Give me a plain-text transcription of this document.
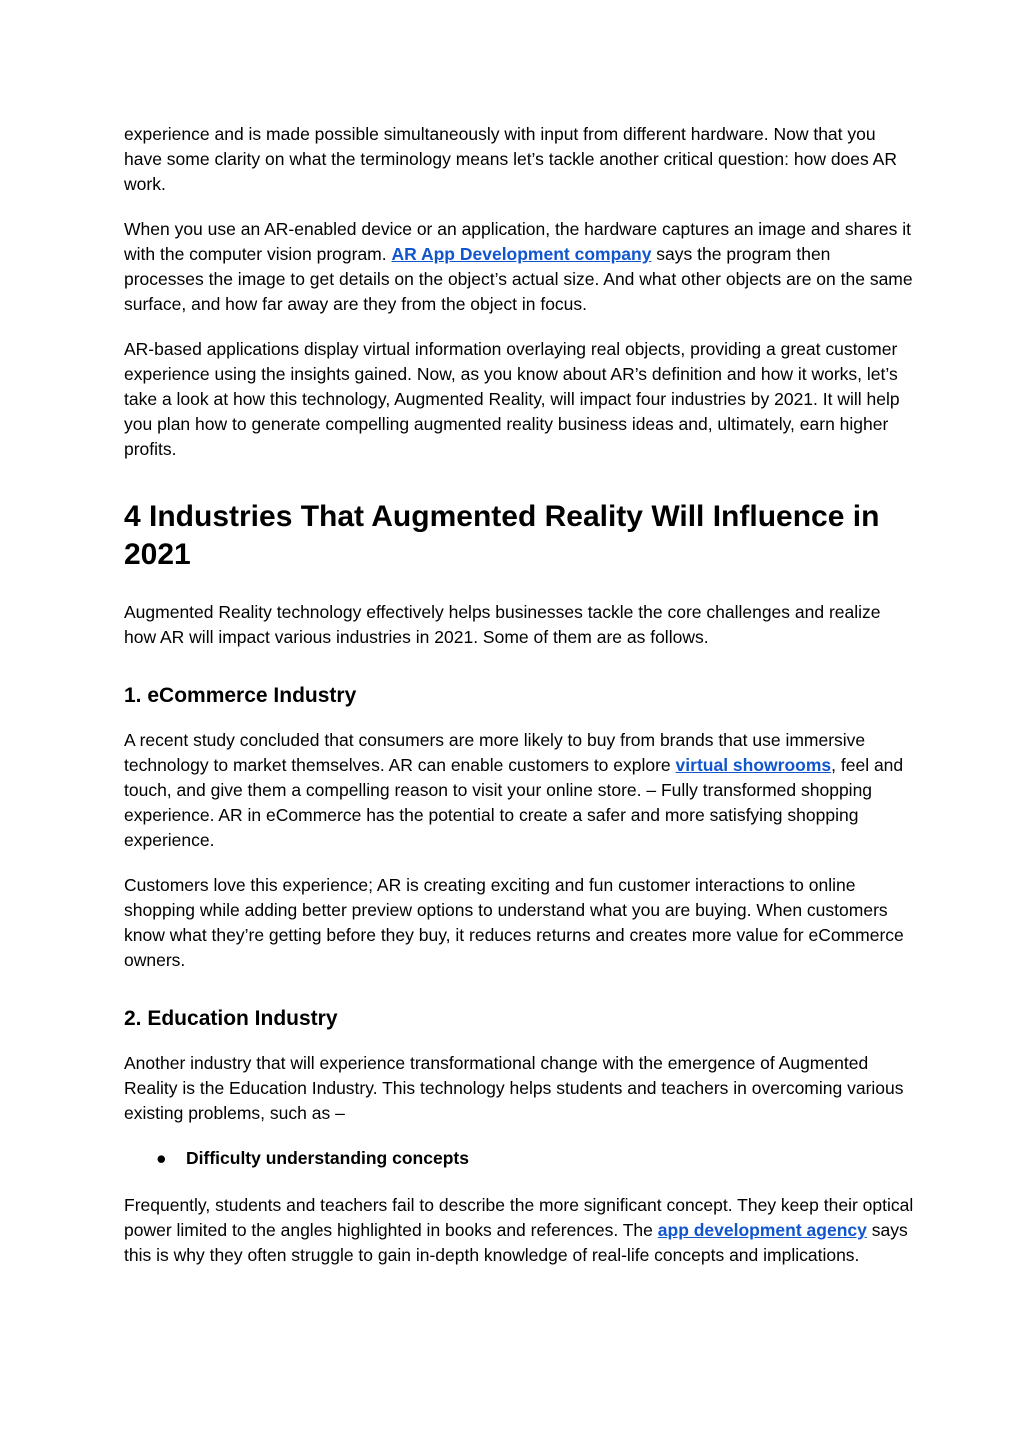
experience and is made possible simultaneously with input from different hardware. Now that you have some clarity on what the terminology means let’s tackle another critical question: how does AR work.

When you use an AR-enabled device or an application, the hardware captures an image and shares it with the computer vision program. AR App Development company says the program then processes the image to get details on the object’s actual size. And what other objects are on the same surface, and how far away are they from the object in focus.

AR-based applications display virtual information overlaying real objects, providing a great customer experience using the insights gained. Now, as you know about AR’s definition and how it works, let’s take a look at how this technology, Augmented Reality, will impact four industries by 2021. It will help you plan how to generate compelling augmented reality business ideas and, ultimately, earn higher profits.

4 Industries That Augmented Reality Will Influence in 2021

Augmented Reality technology effectively helps businesses tackle the core challenges and realize how AR will impact various industries in 2021. Some of them are as follows.

1. eCommerce Industry

A recent study concluded that consumers are more likely to buy from brands that use immersive technology to market themselves. AR can enable customers to explore virtual showrooms, feel and touch, and give them a compelling reason to visit your online store. – Fully transformed shopping experience. AR in eCommerce has the potential to create a safer and more satisfying shopping experience.

Customers love this experience; AR is creating exciting and fun customer interactions to online shopping while adding better preview options to understand what you are buying. When customers know what they’re getting before they buy, it reduces returns and creates more value for eCommerce owners.

2. Education Industry

Another industry that will experience transformational change with the emergence of Augmented Reality is the Education Industry. This technology helps students and teachers in overcoming various existing problems, such as –

● Difficulty understanding concepts

Frequently, students and teachers fail to describe the more significant concept. They keep their optical power limited to the angles highlighted in books and references. The app development agency says this is why they often struggle to gain in-depth knowledge of real-life concepts and implications.
